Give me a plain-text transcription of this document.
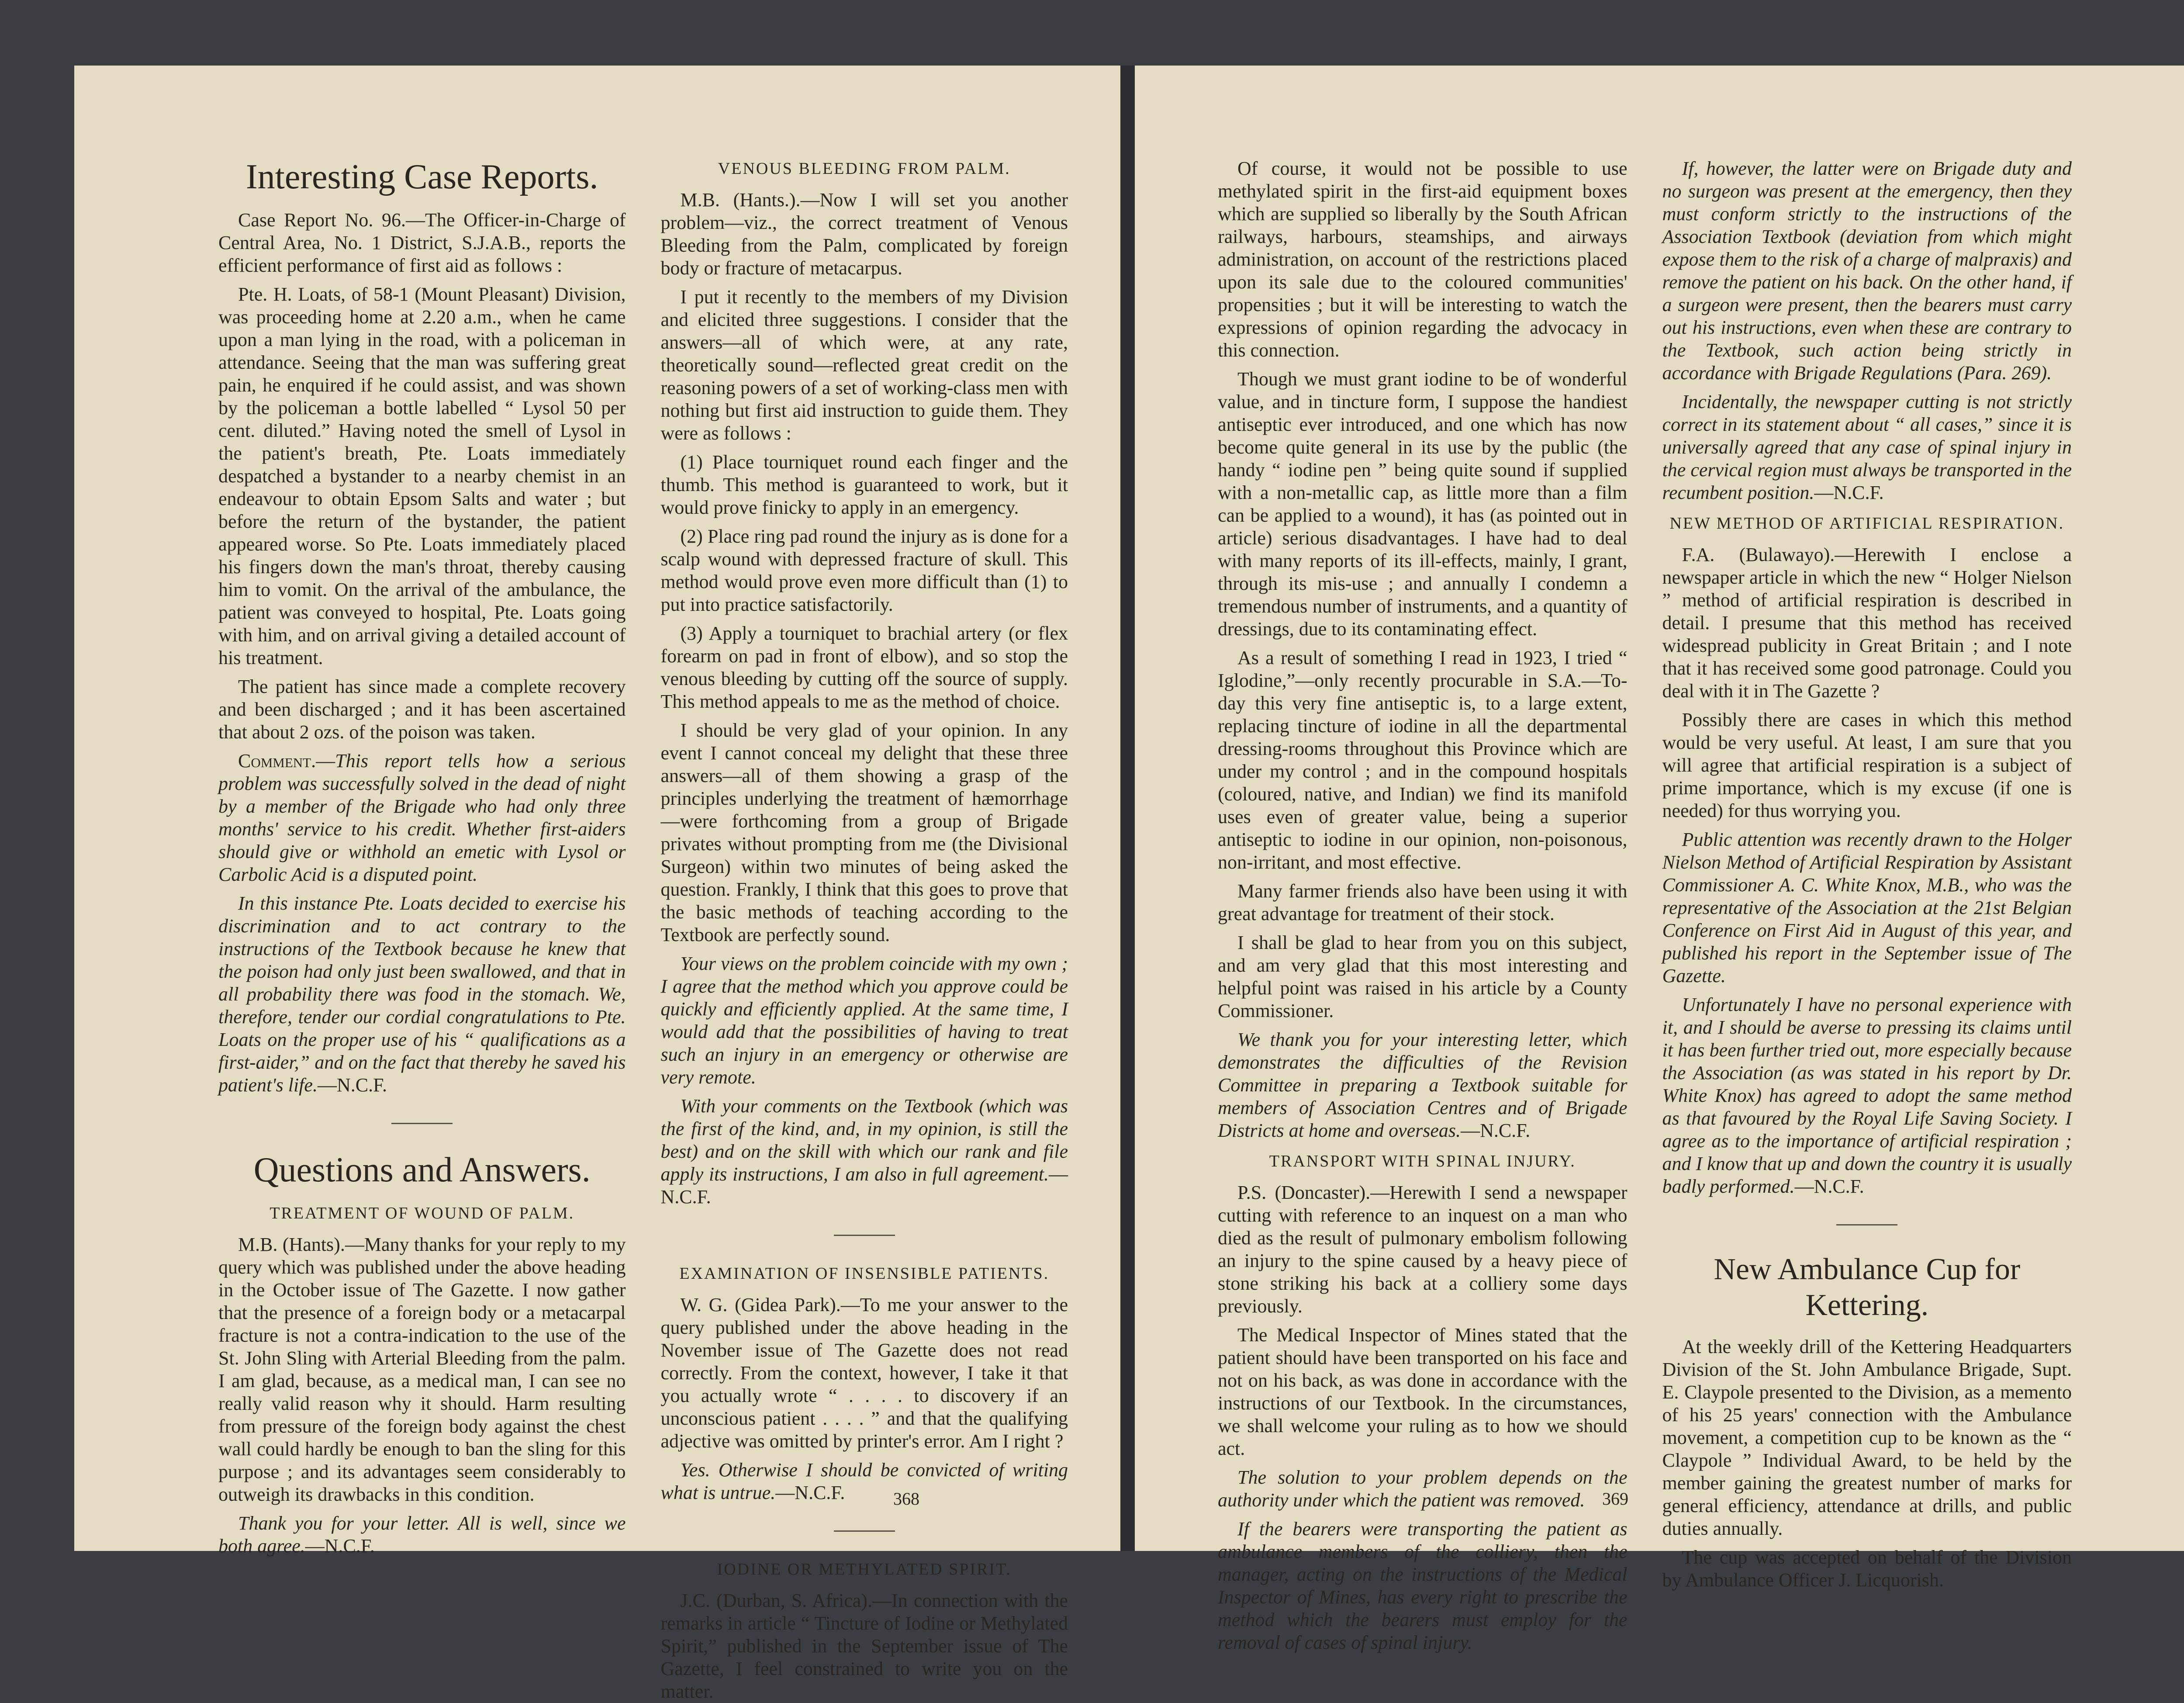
Interesting Case Reports.

Case Report No. 96.—The Officer-in-Charge of Central Area, No. 1 District, S.J.A.B., reports the efficient performance of first aid as follows :

Pte. H. Loats, of 58-1 (Mount Pleasant) Division, was proceeding home at 2.20 a.m., when he came upon a man lying in the road, with a policeman in attendance. Seeing that the man was suffering great pain, he enquired if he could assist, and was shown by the policeman a bottle labelled “ Lysol 50 per cent. diluted.” Having noted the smell of Lysol in the patient's breath, Pte. Loats immediately despatched a bystander to a nearby chemist in an endeavour to obtain Epsom Salts and water ; but before the return of the bystander, the patient appeared worse. So Pte. Loats immediately placed his fingers down the man's throat, thereby causing him to vomit. On the arrival of the ambulance, the patient was conveyed to hospital, Pte. Loats going with him, and on arrival giving a detailed account of his treatment.

The patient has since made a complete recovery and been discharged ; and it has been ascertained that about 2 ozs. of the poison was taken.

Comment.—This report tells how a serious problem was successfully solved in the dead of night by a member of the Brigade who had only three months' service to his credit. Whether first-aiders should give or withhold an emetic with Lysol or Carbolic Acid is a disputed point.

In this instance Pte. Loats decided to exercise his discrimination and to act contrary to the instructions of the Textbook because he knew that the poison had only just been swallowed, and that in all probability there was food in the stomach. We, therefore, tender our cordial congratulations to Pte. Loats on the proper use of his “ qualifications as a first-aider,” and on the fact that thereby he saved his patient's life.—N.C.F.

Questions and Answers.
TREATMENT OF WOUND OF PALM.

M.B. (Hants).—Many thanks for your reply to my query which was published under the above heading in the October issue of The Gazette. I now gather that the presence of a foreign body or a metacarpal fracture is not a contra-indication to the use of the St. John Sling with Arterial Bleeding from the palm. I am glad, because, as a medical man, I can see no really valid reason why it should. Harm resulting from pressure of the foreign body against the chest wall could hardly be enough to ban the sling for this purpose ; and its advantages seem considerably to outweigh its drawbacks in this condition.

Thank you for your letter. All is well, since we both agree.—N.C.F.

VENOUS BLEEDING FROM PALM.

M.B. (Hants.).—Now I will set you another problem—viz., the correct treatment of Venous Bleeding from the Palm, complicated by foreign body or fracture of metacarpus.

I put it recently to the members of my Division and elicited three suggestions. I consider that the answers—all of which were, at any rate, theoretically sound—reflected great credit on the reasoning powers of a set of working-class men with nothing but first aid instruction to guide them. They were as follows :

(1) Place tourniquet round each finger and the thumb. This method is guaranteed to work, but it would prove finicky to apply in an emergency.

(2) Place ring pad round the injury as is done for a scalp wound with depressed fracture of skull. This method would prove even more difficult than (1) to put into practice satisfactorily.

(3) Apply a tourniquet to brachial artery (or flex forearm on pad in front of elbow), and so stop the venous bleeding by cutting off the source of supply. This method appeals to me as the method of choice.

I should be very glad of your opinion. In any event I cannot conceal my delight that these three answers—all of them showing a grasp of the principles underlying the treatment of hæmorrhage—were forthcoming from a group of Brigade privates without prompting from me (the Divisional Surgeon) within two minutes of being asked the question. Frankly, I think that this goes to prove that the basic methods of teaching according to the Textbook are perfectly sound.

Your views on the problem coincide with my own ; I agree that the method which you approve could be quickly and efficiently applied. At the same time, I would add that the possibilities of having to treat such an injury in an emergency or otherwise are very remote.

With your comments on the Textbook (which was the first of the kind, and, in my opinion, is still the best) and on the skill with which our rank and file apply its instructions, I am also in full agreement.—N.C.F.

EXAMINATION OF INSENSIBLE PATIENTS.

W. G. (Gidea Park).—To me your answer to the query published under the above heading in the November issue of The Gazette does not read correctly. From the context, however, I take it that you actually wrote “ . . . . to discovery if an unconscious patient . . . . ” and that the qualifying adjective was omitted by printer's error. Am I right ?

Yes. Otherwise I should be convicted of writing what is untrue.—N.C.F.

IODINE OR METHYLATED SPIRIT.

J.C. (Durban, S. Africa).—In connection with the remarks in article “ Tincture of Iodine or Methylated Spirit,” published in the September issue of The Gazette, I feel constrained to write you on the matter.

368

Of course, it would not be possible to use methylated spirit in the first-aid equipment boxes which are supplied so liberally by the South African railways, harbours, steamships, and airways administration, on account of the restrictions placed upon its sale due to the coloured communities' propensities ; but it will be interesting to watch the expressions of opinion regarding the advocacy in this connection.

Though we must grant iodine to be of wonderful value, and in tincture form, I suppose the handiest antiseptic ever introduced, and one which has now become quite general in its use by the public (the handy “ iodine pen ” being quite sound if supplied with a non-metallic cap, as little more than a film can be applied to a wound), it has (as pointed out in article) serious disadvantages. I have had to deal with many reports of its ill-effects, mainly, I grant, through its mis-use ; and annually I condemn a tremendous number of instruments, and a quantity of dressings, due to its contaminating effect.

As a result of something I read in 1923, I tried “ Iglodine,”—only recently procurable in S.A.—To-day this very fine antiseptic is, to a large extent, replacing tincture of iodine in all the departmental dressing-rooms throughout this Province which are under my control ; and in the compound hospitals (coloured, native, and Indian) we find its manifold uses even of greater value, being a superior antiseptic to iodine in our opinion, non-poisonous, non-irritant, and most effective.

Many farmer friends also have been using it with great advantage for treatment of their stock.

I shall be glad to hear from you on this subject, and am very glad that this most interesting and helpful point was raised in his article by a County Commissioner.

We thank you for your interesting letter, which demonstrates the difficulties of the Revision Committee in preparing a Textbook suitable for members of Association Centres and of Brigade Districts at home and overseas.—N.C.F.

TRANSPORT WITH SPINAL INJURY.

P.S. (Doncaster).—Herewith I send a newspaper cutting with reference to an inquest on a man who died as the result of pulmonary embolism following an injury to the spine caused by a heavy piece of stone striking his back at a colliery some days previously.

The Medical Inspector of Mines stated that the patient should have been transported on his face and not on his back, as was done in accordance with the instructions of our Textbook. In the circumstances, we shall welcome your ruling as to how we should act.

The solution to your problem depends on the authority under which the patient was removed.

If the bearers were transporting the patient as ambulance members of the colliery, then the manager, acting on the instructions of the Medical Inspector of Mines, has every right to prescribe the method which the bearers must employ for the removal of cases of spinal injury.

If, however, the latter were on Brigade duty and no surgeon was present at the emergency, then they must conform strictly to the instructions of the Association Textbook (deviation from which might expose them to the risk of a charge of malpraxis) and remove the patient on his back. On the other hand, if a surgeon were present, then the bearers must carry out his instructions, even when these are contrary to the Textbook, such action being strictly in accordance with Brigade Regulations (Para. 269).

Incidentally, the newspaper cutting is not strictly correct in its statement about “ all cases,” since it is universally agreed that any case of spinal injury in the cervical region must always be transported in the recumbent position.—N.C.F.

NEW METHOD OF ARTIFICIAL RESPIRATION.

F.A. (Bulawayo).—Herewith I enclose a newspaper article in which the new “ Holger Nielson ” method of artificial respiration is described in detail. I presume that this method has received widespread publicity in Great Britain ; and I note that it has received some good patronage. Could you deal with it in The Gazette ?

Possibly there are cases in which this method would be very useful. At least, I am sure that you will agree that artificial respiration is a subject of prime importance, which is my excuse (if one is needed) for thus worrying you.

Public attention was recently drawn to the Holger Nielson Method of Artificial Respiration by Assistant Commissioner A. C. White Knox, M.B., who was the representative of the Association at the 21st Belgian Conference on First Aid in August of this year, and published his report in the September issue of The Gazette.

Unfortunately I have no personal experience with it, and I should be averse to pressing its claims until it has been further tried out, more especially because the Association (as was stated in his report by Dr. White Knox) has agreed to adopt the same method as that favoured by the Royal Life Saving Society. I agree as to the importance of artificial respiration ; and I know that up and down the country it is usually badly performed.—N.C.F.

New Ambulance Cup for Kettering.

At the weekly drill of the Kettering Headquarters Division of the St. John Ambulance Brigade, Supt. E. Claypole presented to the Division, as a memento of his 25 years' connection with the Ambulance movement, a competition cup to be known as the “ Claypole ” Individual Award, to be held by the member gaining the greatest number of marks for general efficiency, attendance at drills, and public duties annually.

The cup was accepted on behalf of the Division by Ambulance Officer J. Licquorish.

369
